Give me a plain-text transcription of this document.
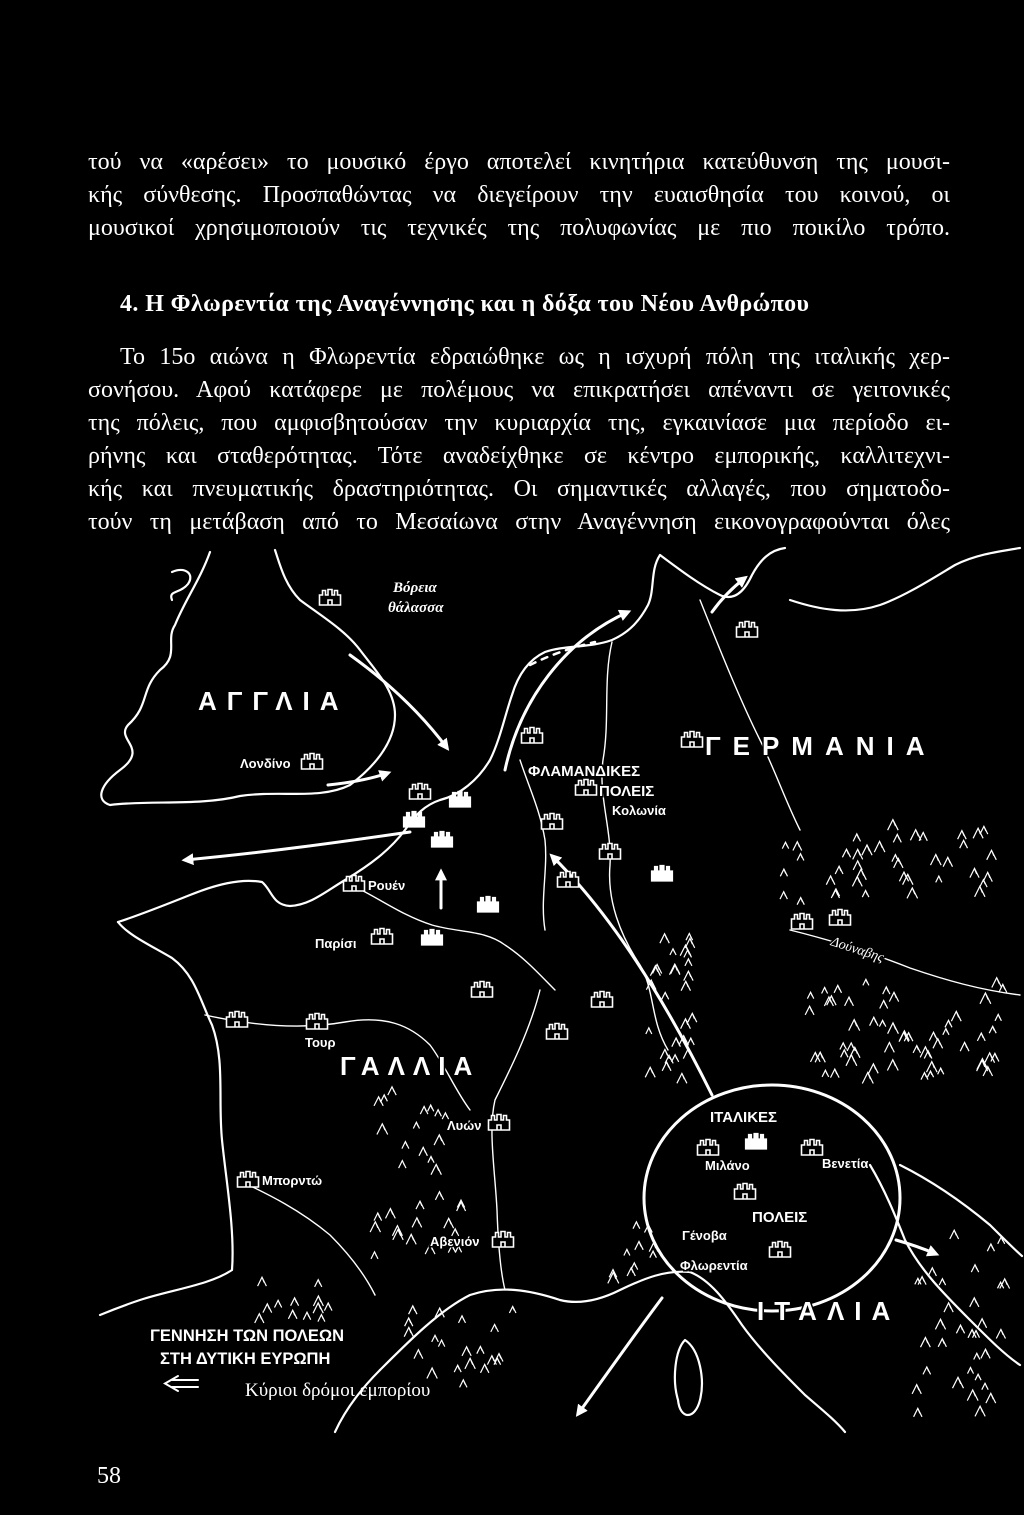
τού να «αρέσει» το μουσικό έργο αποτελεί κινητήρια κατεύθυνση της μουσι-
κής σύνθεσης. Προσπαθώντας να διεγείρουν την ευαισθησία του κοινού, οι
μουσικοί χρησιμοποιούν τις τεχνικές της πολυφωνίας με πιο ποικίλο τρόπο.
4. Η Φλωρεντία της Αναγέννησης και η δόξα του Νέου Ανθρώπου
Το 15ο αιώνα η Φλωρεντία εδραιώθηκε ως η ισχυρή πόλη της ιταλικής χερ-
σονήσου. Αφού κατάφερε με πολέμους να επικρατήσει απέναντι σε γειτονικές
της πόλεις, που αμφισβητούσαν την κυριαρχία της, εγκαινίασε μια περίοδο ει-
ρήνης και σταθερότητας. Τότε αναδείχθηκε σε κέντρο εμπορικής, καλλιτεχνι-
κής και πνευματικής δραστηριότητας. Οι σημαντικές αλλαγές, που σηματοδο-
τούν τη μετάβαση από το Μεσαίωνα στην Αναγέννηση εικονογραφούνται όλες
Βόρεια
θάλασσα
ΑΓΓΛΙΑ
ΓΕΡΜΑΝΙΑ
ΓΑΛΛΙΑ
ΙΤΑΛΙΑ
ΦΛΑΜΑΝΔΙΚΕΣ
ΠΟΛΕΙΣ
ΙΤΑΛΙΚΕΣ
ΠΟΛΕΙΣ
Δούναβης
Λονδίνο
Κολωνία
Ρουέν
Παρίσι
Τουρ
Λυών
Μπορντώ
Αβενιόν
Μιλάνο	Βενετία
Γένοβα
Φλωρεντία
ΓΕΝΝΗΣΗ ΤΩΝ ΠΟΛΕΩΝ
ΣΤΗ ΔΥΤΙΚΗ ΕΥΡΩΠΗ
Κύριοι δρόμοι εμπορίου
58
